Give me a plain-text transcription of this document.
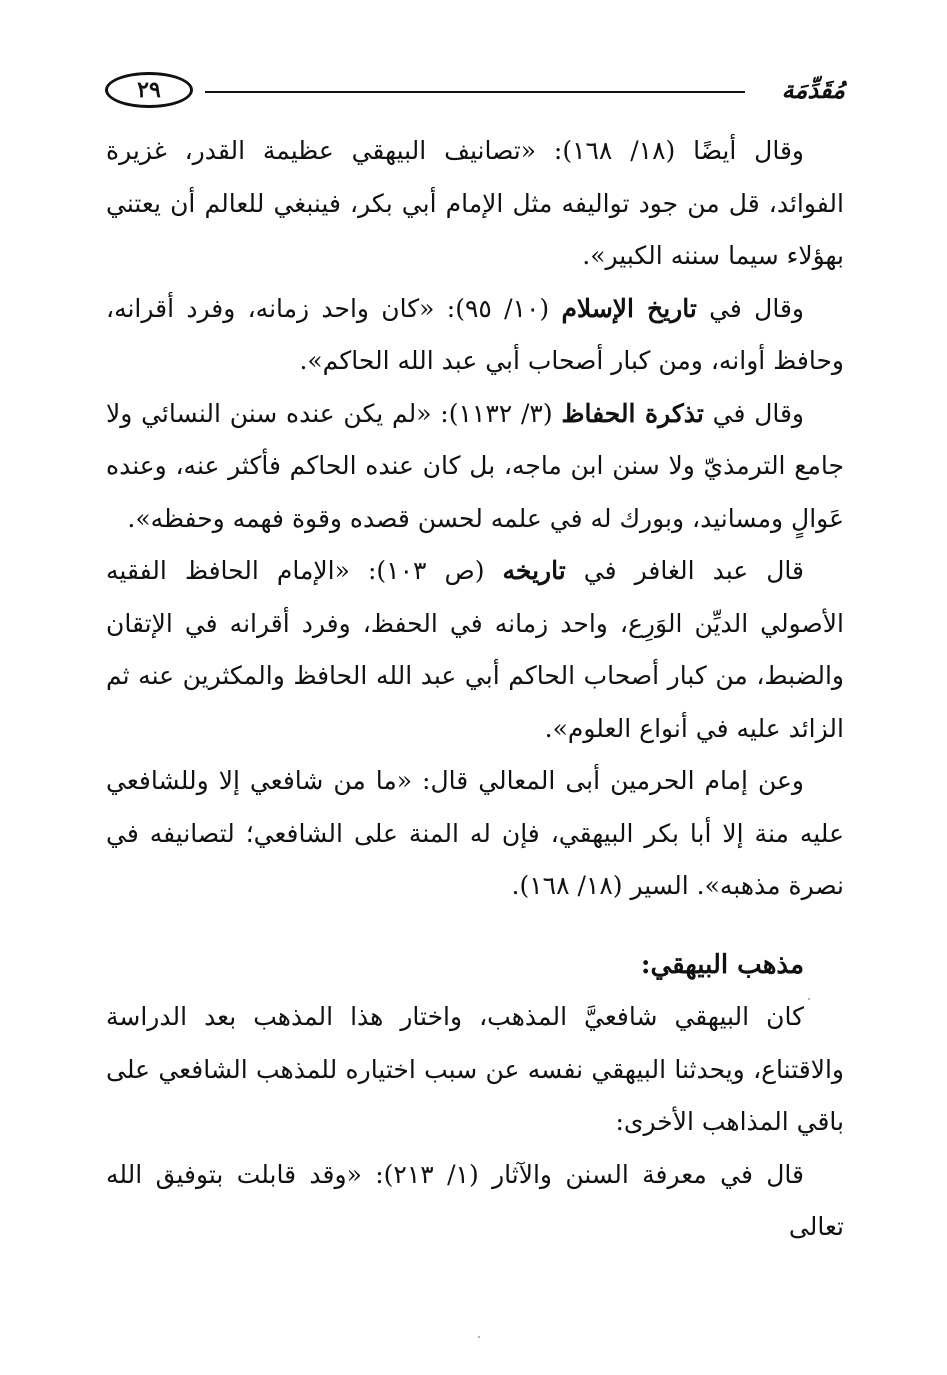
٢٩	مُقَدِّمَة

وقال أيضًا (١٨/ ١٦٨): «تصانيف البيهقي عظيمة القدر، غزيرة الفوائد، قل من جود تواليفه مثل الإمام أبي بكر، فينبغي للعالم أن يعتني بهؤلاء سيما سننه الكبير».

وقال في تاريخ الإسلام (١٠/ ٩٥): «كان واحد زمانه، وفرد أقرانه، وحافظ أوانه، ومن كبار أصحاب أبي عبد الله الحاكم».

وقال في تذكرة الحفاظ (٣/ ١١٣٢): «لم يكن عنده سنن النسائي ولا جامع الترمذيّ ولا سنن ابن ماجه، بل كان عنده الحاكم فأكثر عنه، وعنده عَوالٍ ومسانيد، وبورك له في علمه لحسن قصده وقوة فهمه وحفظه».

قال عبد الغافر في تاريخه (ص ١٠٣): «الإمام الحافظ الفقيه الأصولي الديِّن الوَرِع، واحد زمانه في الحفظ، وفرد أقرانه في الإتقان والضبط، من كبار أصحاب الحاكم أبي عبد الله الحافظ والمكثرين عنه ثم الزائد عليه في أنواع العلوم».

وعن إمام الحرمين أبى المعالي قال: «ما من شافعي إلا وللشافعي عليه منة إلا أبا بكر البيهقي، فإن له المنة على الشافعي؛ لتصانيفه في نصرة مذهبه». السير (١٨/ ١٦٨).

مذهب البيهقي:

كان البيهقي شافعيَّ المذهب، واختار هذا المذهب بعد الدراسة والاقتناع، ويحدثنا البيهقي نفسه عن سبب اختياره للمذهب الشافعي على باقي المذاهب الأخرى:

قال في معرفة السنن والآثار (١/ ٢١٣): «وقد قابلت بتوفيق الله تعالى
